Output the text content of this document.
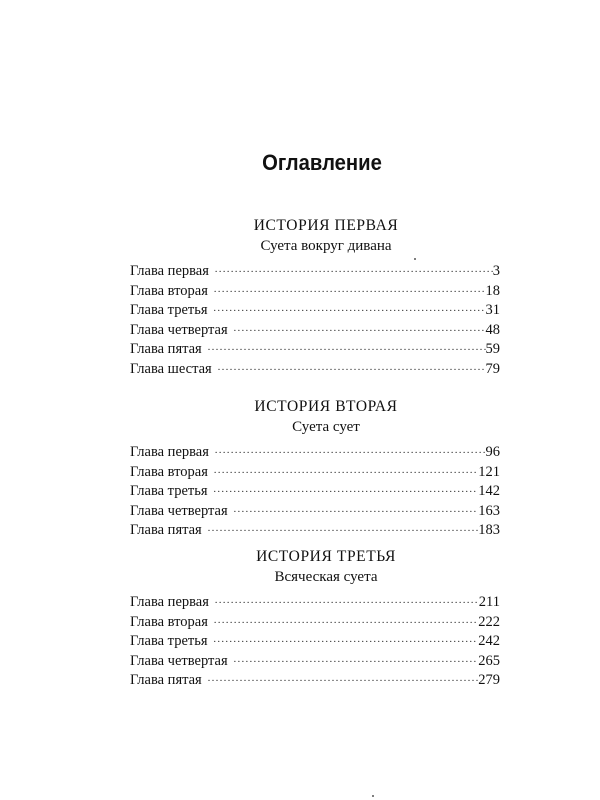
Оглавление
ИСТОРИЯ ПЕРВАЯ
Суета вокруг дивана
Глава первая .....	3
Глава вторая .....	18
Глава третья .....	31
Глава четвертая .....	48
Глава пятая .....	59
Глава шестая .....	79
ИСТОРИЯ ВТОРАЯ
Суета сует
Глава первая .....	96
Глава вторая .....	121
Глава третья .....	142
Глава четвертая .....	163
Глава пятая .....	183
ИСТОРИЯ ТРЕТЬЯ
Всяческая суета
Глава первая .....	211
Глава вторая .....	222
Глава третья .....	242
Глава четвертая .....	265
Глава пятая .....	279
